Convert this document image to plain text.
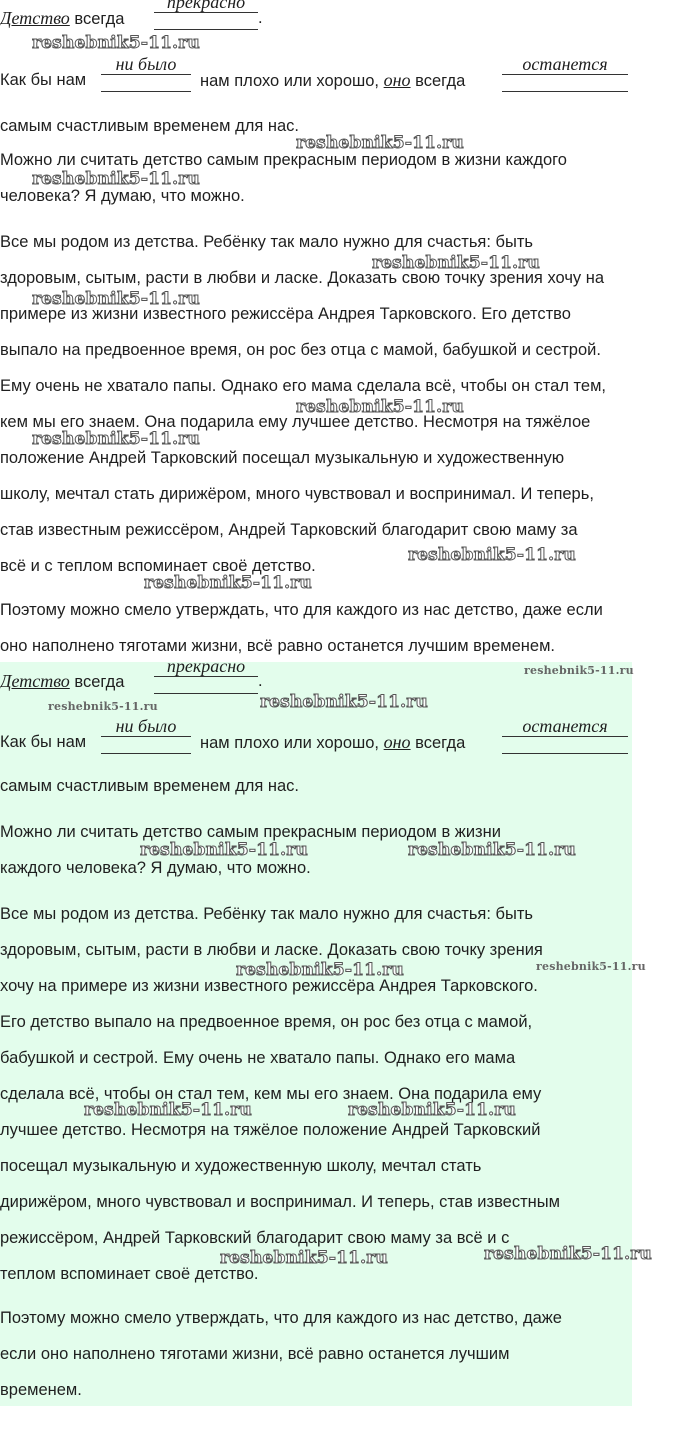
Детство всегда
прекрасно
.
Как бы нам
ни было
нам плохо или хорошо, оно всегда
останется
самым счастливым временем для нас.
Можно ли считать детство самым прекрасным периодом в жизни каждого
человека? Я думаю, что можно.
Все мы родом из детства. Ребёнку так мало нужно для счастья: быть
здоровым, сытым, расти в любви и ласке. Доказать свою точку зрения хочу на
примере из жизни известного режиссёра Андрея Тарковского. Его детство
выпало на предвоенное время, он рос без отца с мамой, бабушкой и сестрой.
Ему очень не хватало папы. Однако его мама сделала всё, чтобы он стал тем,
кем мы его знаем. Она подарила ему лучшее детство. Несмотря на тяжёлое
положение Андрей Тарковский посещал музыкальную и художественную
школу, мечтал стать дирижёром, много чувствовал и воспринимал. И теперь,
став известным режиссёром, Андрей Тарковский благодарит свою маму за
всё и с теплом вспоминает своё детство.
Поэтому можно смело утверждать, что для каждого из нас детство, даже если
оно наполнено тяготами жизни, всё равно останется лучшим временем.
reshebnik5-11.ru
reshebnik5-11.ru
reshebnik5-11.ru
reshebnik5-11.ru
reshebnik5-11.ru
reshebnik5-11.ru
reshebnik5-11.ru
reshebnik5-11.ru
reshebnik5-11.ru
Детство всегда
прекрасно
.
Как бы нам
ни было
нам плохо или хорошо, оно всегда
останется
самым счастливым временем для нас.
Можно ли считать детство самым прекрасным периодом в жизни
каждого человека? Я думаю, что можно.
Все мы родом из детства. Ребёнку так мало нужно для счастья: быть
здоровым, сытым, расти в любви и ласке. Доказать свою точку зрения
хочу на примере из жизни известного режиссёра Андрея Тарковского.
Его детство выпало на предвоенное время, он рос без отца с мамой,
бабушкой и сестрой. Ему очень не хватало папы. Однако его мама
сделала всё, чтобы он стал тем, кем мы его знаем. Она подарила ему
лучшее детство. Несмотря на тяжёлое положение Андрей Тарковский
посещал музыкальную и художественную школу, мечтал стать
дирижёром, много чувствовал и воспринимал. И теперь, став известным
режиссёром, Андрей Тарковский благодарит свою маму за всё и с
теплом вспоминает своё детство.
Поэтому можно смело утверждать, что для каждого из нас детство, даже
если оно наполнено тяготами жизни, всё равно останется лучшим
временем.
reshebnik5-11.ru
reshebnik5-11.ru	reshebnik5-11.ru
reshebnik5-11.ru	reshebnik5-11.ru
reshebnik5-11.ru	reshebnik5-11.ru
reshebnik5-11.ru	reshebnik5-11.ru
reshebnik5-11.ru	reshebnik5-11.ru
